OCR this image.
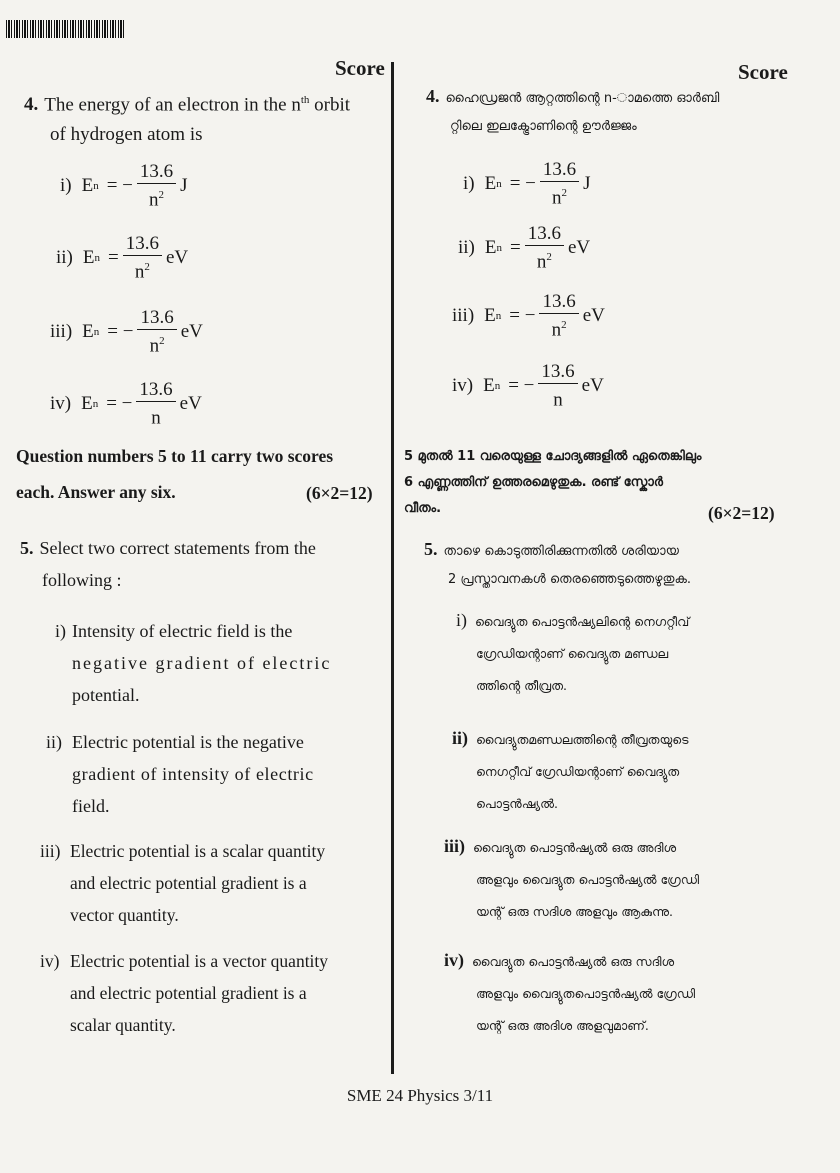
Score
4. The energy of an electron in the $n^{th}$ orbit
of hydrogen atom is
i) E n = − $\frac{13.6}{n^2}$ J
ii) E $n = \frac{13.6}{n^2}$ eV
iii) E n = − $\frac{13.6}{n^2}$ eV
iv) E n = − $\frac{13.6}{n}$ eV
Question numbers 5 to 11 carry two scores
each. Answer any six.	(6×2=12)
5. Select two correct statements from the
following :
i) Intensity of electric field is the
negative gradient of electric
potential.
ii) Electric potential is the negative
gradient of intensity of electric
field.
iii) Electric potential is a scalar quantity
and electric potential gradient is a
vector quantity.
iv) Electric potential is a vector quantity
and electric potential gradient is a
scalar quantity.
Score
4. ഹൈഡ്രജൻ ആറ്റത്തിന്റെ n-ാമത്തെ ഓർബി
റ്റിലെ ഇലക്ട്രോണിന്റെ ഊർജ്ജം
i) E n = − $\frac{13.6}{n^2}$ J
ii) E $n = \frac{13.6}{n^2}$ eV
iii) E n = − $\frac{13.6}{n^2}$ eV
iv) E n = − $\frac{13.6}{n}$ eV
5 മുതൽ 11 വരെയുള്ള ചോദ്യങ്ങളിൽ ഏതെങ്കിലും
6 എണ്ണത്തിന് ഉത്തരമെഴുതുക. രണ്ട് സ്കോർ
വീതം.	(6×2=12)
5. താഴെ കൊടുത്തിരിക്കുന്നതിൽ ശരിയായ
2 പ്രസ്താവനകൾ തെരഞ്ഞെടുത്തെഴുതുക.
i) വൈദ്യുത പൊട്ടൻഷ്യലിന്റെ നെഗറ്റീവ്
ഗ്രേഡിയന്റാണ് വൈദ്യുത മണ്ഡല
ത്തിന്റെ തീവ്രത.
ii) വൈദ്യുതമണ്ഡലത്തിന്റെ തീവ്രതയുടെ
നെഗറ്റീവ് ഗ്രേഡിയന്റാണ് വൈദ്യുത
പൊട്ടൻഷ്യൽ.
iii) വൈദ്യുത പൊട്ടൻഷ്യൽ ഒരു അദിശ
അളവും വൈദ്യുത പൊട്ടൻഷ്യൽ ഗ്രേഡി
യന്റ് ഒരു സദിശ അളവും ആകുന്നു.
iv) വൈദ്യുത പൊട്ടൻഷ്യൽ ഒരു സദിശ
അളവും വൈദ്യുതപൊട്ടൻഷ്യൽ ഗ്രേഡി
യന്റ് ഒരു അദിശ അളവുമാണ്.
SME 24 Physics 3/11
